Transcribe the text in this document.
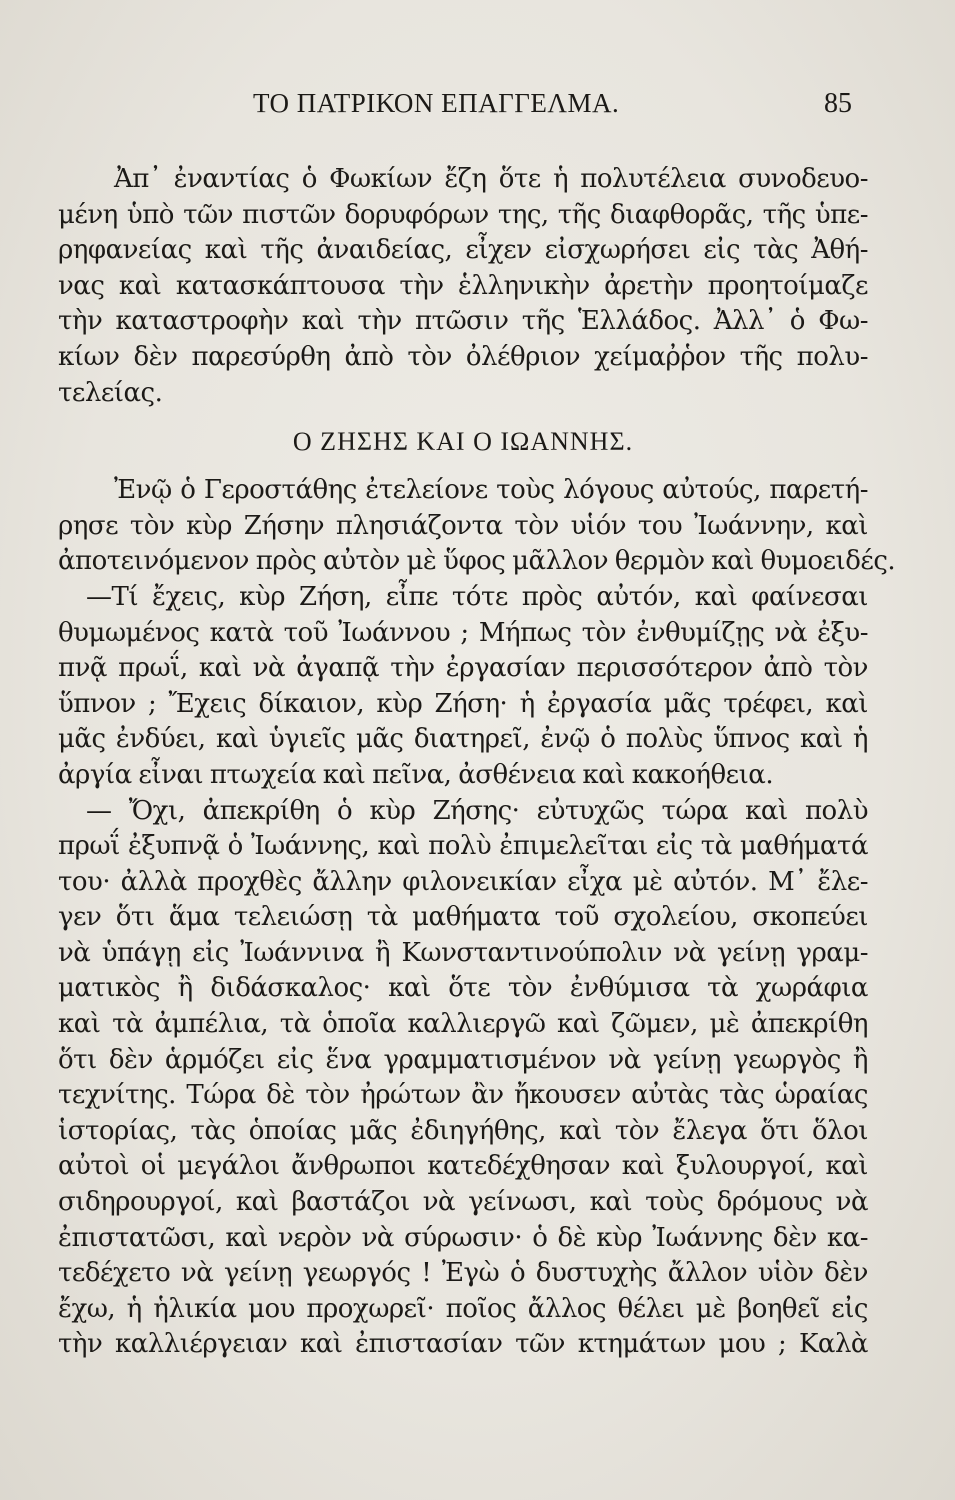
ΤΟ ΠΑΤΡΙΚΟΝ ΕΠΑΓΓΕΛΜΑ.	85
Ἀπ᾽ ἐναντίας ὁ Φωκίων ἔζη ὅτε ἡ πολυτέλεια συνοδευο-
μένη ὑπὸ τῶν πιστῶν δορυφόρων της, τῆς διαφθορᾶς, τῆς ὑπε-
ρηφανείας καὶ τῆς ἀναιδείας, εἶχεν εἰσχωρήσει εἰς τὰς Ἀθή-
νας καὶ κατασκάπτουσα τὴν ἑλληνικὴν ἀρετὴν προητοίμαζε
τὴν καταστροφὴν καὶ τὴν πτῶσιν τῆς Ἑλλάδος. Ἀλλ᾽ ὁ Φω-
κίων δὲν παρεσύρθη ἀπὸ τὸν ὀλέθριον χείμαῤῥον τῆς πολυ-
τελείας.
Ο ΖΗΣΗΣ ΚΑΙ Ο ΙΩΑΝΝΗΣ.
Ἐνῷ ὁ Γεροστάθης ἐτελείονε τοὺς λόγους αὐτούς, παρετή-
ρησε τὸν κὺρ Ζήσην πλησιάζοντα τὸν υἱόν του Ἰωάννην, καὶ
ἀποτεινόμενον πρὸς αὐτὸν μὲ ὕφος μᾶλλον θερμὸν καὶ θυμοειδές.
—Τί ἔχεις, κὺρ Ζήση, εἶπε τότε πρὸς αὐτόν, καὶ φαίνεσαι
θυμωμένος κατὰ τοῦ Ἰωάννου ; Μήπως τὸν ἐνθυμίζῃς νὰ ἐξυ-
πνᾷ πρωΐ, καὶ νὰ ἀγαπᾷ τὴν ἐργασίαν περισσότερον ἀπὸ τὸν
ὕπνον ; Ἔχεις δίκαιον, κὺρ Ζήση· ἡ ἐργασία μᾶς τρέφει, καὶ
μᾶς ἐνδύει, καὶ ὑγιεῖς μᾶς διατηρεῖ, ἐνῷ ὁ πολὺς ὕπνος καὶ ἡ
ἀργία εἶναι πτωχεία καὶ πεῖνα, ἀσθένεια καὶ κακοήθεια.
— Ὄχι, ἀπεκρίθη ὁ κὺρ Ζήσης· εὐτυχῶς τώρα καὶ πολὺ
πρωΐ ἐξυπνᾷ ὁ Ἰωάννης, καὶ πολὺ ἐπιμελεῖται εἰς τὰ μαθήματά
του· ἀλλὰ προχθὲς ἄλλην φιλονεικίαν εἶχα μὲ αὐτόν. Μ᾽ ἔλε-
γεν ὅτι ἅμα τελειώσῃ τὰ μαθήματα τοῦ σχολείου, σκοπεύει
νὰ ὑπάγῃ εἰς Ἰωάννινα ἢ Κωνσταντινούπολιν νὰ γείνῃ γραμ-
ματικὸς ἢ διδάσκαλος· καὶ ὅτε τὸν ἐνθύμισα τὰ χωράφια
καὶ τὰ ἀμπέλια, τὰ ὁποῖα καλλιεργῶ καὶ ζῶμεν, μὲ ἀπεκρίθη
ὅτι δὲν ἁρμόζει εἰς ἕνα γραμματισμένον νὰ γείνῃ γεωργὸς ἢ
τεχνίτης. Τώρα δὲ τὸν ἠρώτων ἂν ἤκουσεν αὐτὰς τὰς ὡραίας
ἱστορίας, τὰς ὁποίας μᾶς ἐδιηγήθης, καὶ τὸν ἔλεγα ὅτι ὅλοι
αὐτοὶ οἱ μεγάλοι ἄνθρωποι κατεδέχθησαν καὶ ξυλουργοί, καὶ
σιδηρουργοί, καὶ βαστάζοι νὰ γείνωσι, καὶ τοὺς δρόμους νὰ
ἐπιστατῶσι, καὶ νερὸν νὰ σύρωσιν· ὁ δὲ κὺρ Ἰωάννης δὲν κα-
τεδέχετο νὰ γείνῃ γεωργός ! Ἐγὼ ὁ δυστυχὴς ἄλλον υἱὸν δὲν
ἔχω, ἡ ἡλικία μου προχωρεῖ· ποῖος ἄλλος θέλει μὲ βοηθεῖ εἰς
τὴν καλλιέργειαν καὶ ἐπιστασίαν τῶν κτημάτων μου ; Καλὰ
